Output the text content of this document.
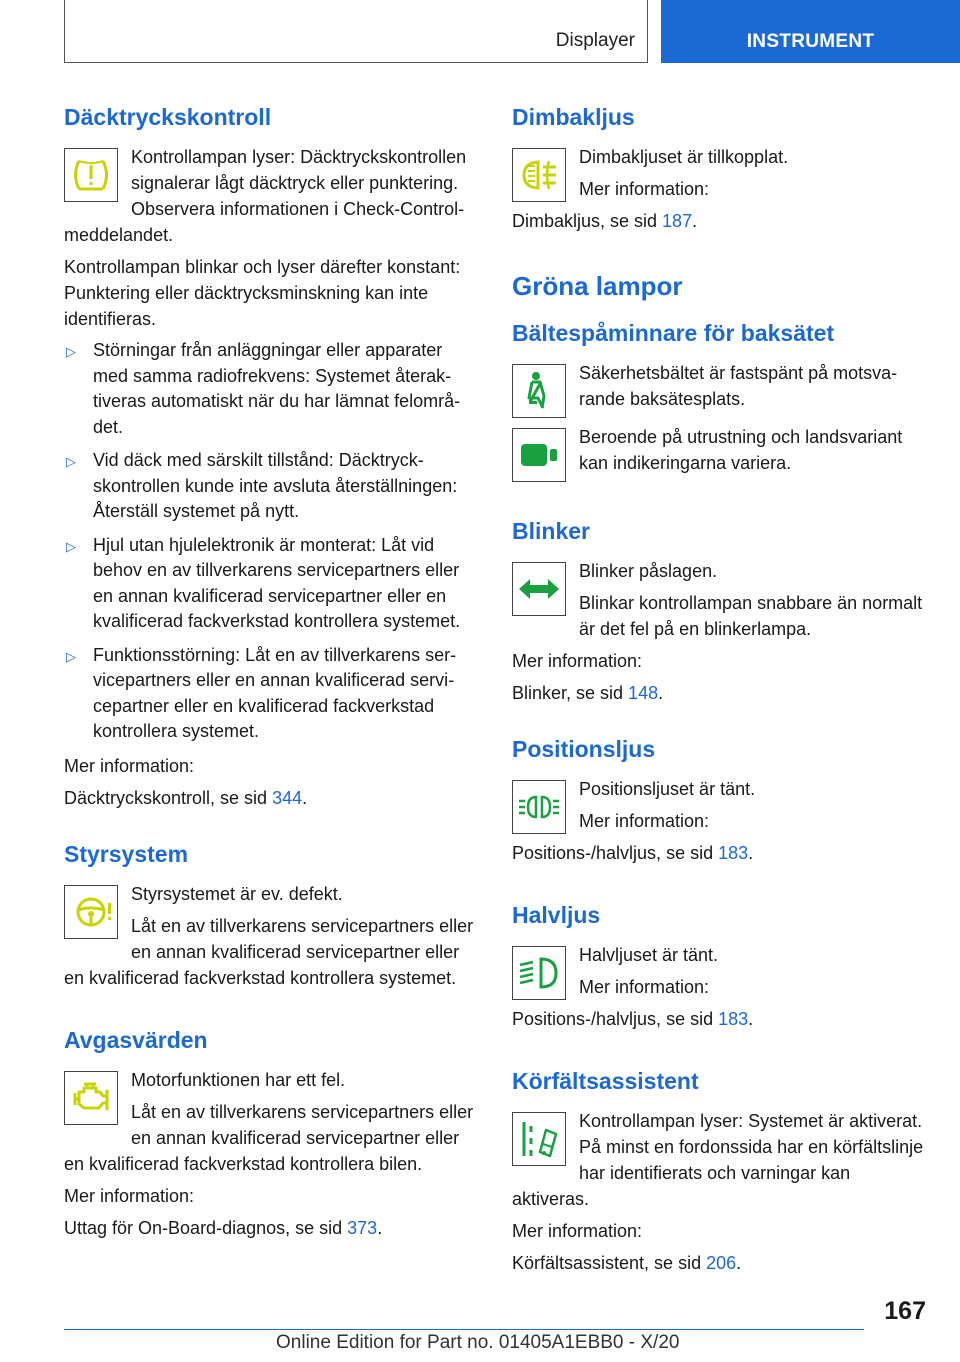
Displayer	INSTRUMENT
Däcktryckskontroll

Kontrollampan lyser: Däcktryckskontrollen signalerar lågt däcktryck eller punktering. Observera informationen i Check-Control-meddelandet.

Kontrollampan blinkar och lyser därefter konstant: Punktering eller däcktrycksminskning kan inte identifieras.

▷ Störningar från anläggningar eller apparater med samma radiofrekvens: Systemet återaktiveras automatiskt när du har lämnat felområdet.
▷ Vid däck med särskilt tillstånd: Däcktryckskontrollen kunde inte avsluta återställningen: Återställ systemet på nytt.
▷ Hjul utan hjulelektronik är monterat: Låt vid behov en av tillverkarens servicepartners eller en annan kvalificerad servicepartner eller en kvalificerad fackverkstad kontrollera systemet.
▷ Funktionsstörning: Låt en av tillverkarens servicepartners eller en annan kvalificerad servicepartner eller en kvalificerad fackverkstad kontrollera systemet.

Mer information:

Däcktryckskontroll, se sid 344.

Styrsystem

Styrsystemet är ev. defekt.

Låt en av tillverkarens servicepartners eller en annan kvalificerad servicepartner eller en kvalificerad fackverkstad kontrollera systemet.

Avgasvärden

Motorfunktionen har ett fel.

Låt en av tillverkarens servicepartners eller en annan kvalificerad servicepartner eller en kvalificerad fackverkstad kontrollera bilen.

Mer information:

Uttag för On-Board-diagnos, se sid 373.

Dimbakljus

Dimbakljuset är tillkopplat.

Mer information:

Dimbakljus, se sid 187.

Gröna lampor
Bältespåminnare för baksätet

Säkerhetsbältet är fastspänt på motsvarande baksätesplats.

Beroende på utrustning och landsvariant kan indikeringarna variera.

Blinker

Blinker påslagen.

Blinkar kontrollampan snabbare än normalt är det fel på en blinkerlampa.

Mer information:

Blinker, se sid 148.

Positionsljus

Positionsljuset är tänt.

Mer information:

Positions-/halvljus, se sid 183.

Halvljus

Halvljuset är tänt.

Mer information:

Positions-/halvljus, se sid 183.

Körfältsassistent

Kontrollampan lyser: Systemet är aktiverat. På minst en fordonssida har en körfältslinje har identifierats och varningar kan aktiveras.

Mer information:

Körfältsassistent, se sid 206.

167
Online Edition for Part no. 01405A1EBB0 - X/20
